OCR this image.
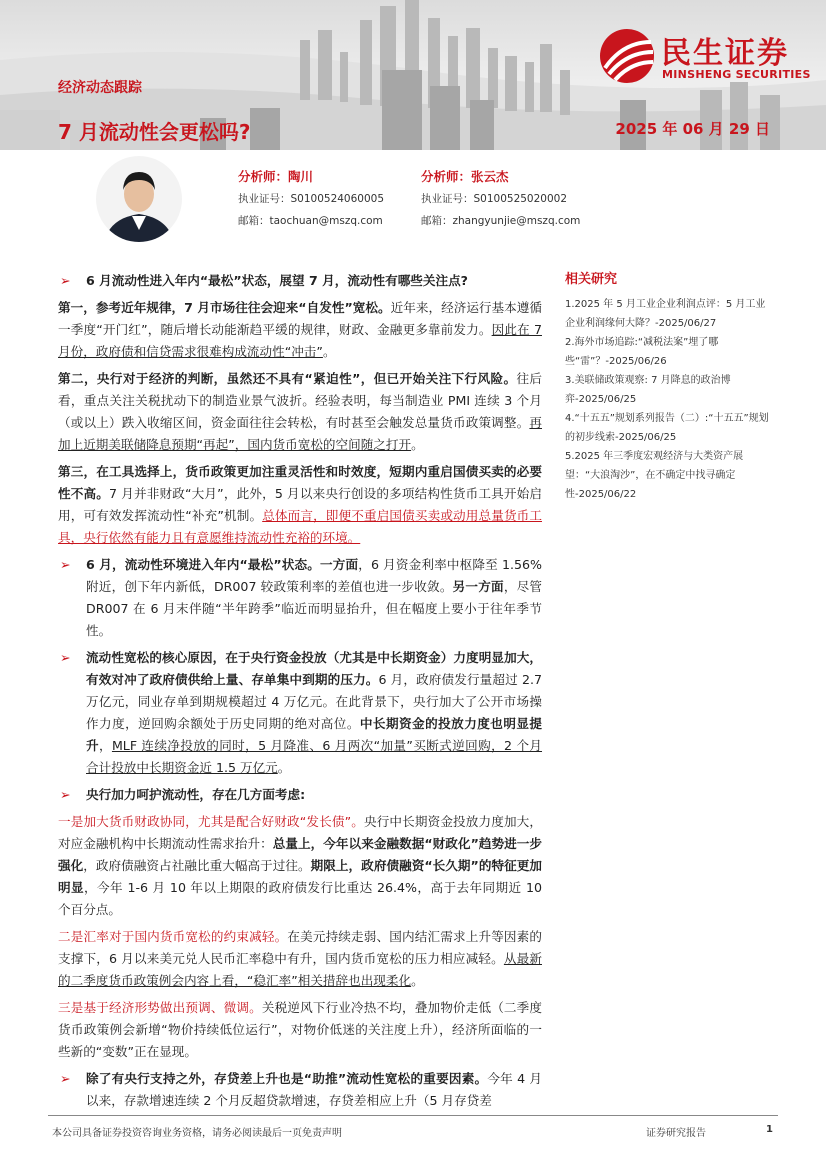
民生证券
MINSHENG SECURITIES
经济动态跟踪
7 月流动性会更松吗?	2025 年 06 月 29 日
分析师：陶川
执业证号：S0100524060005
邮箱：taochuan@mszq.com
分析师：张云杰
执业证号：S0100525020002
邮箱：zhangyunjie@mszq.com
➢ 6 月流动性进入年内“最松”状态，展望 7 月，流动性有哪些关注点?

第一，参考近年规律，7 月市场往往会迎来“自发性”宽松。近年来，经济运行基本遵循一季度“开门红”，随后增长动能渐趋平缓的规律，财政、金融更多靠前发力。因此在 7 月份，政府债和信贷需求很难构成流动性“冲击”。

第二，央行对于经济的判断，虽然还不具有“紧迫性”，但已开始关注下行风险。往后看，重点关注关税扰动下的制造业景气波折。经验表明，每当制造业 PMI 连续 3 个月（或以上）跌入收缩区间，资金面往往会转松，有时甚至会触发总量货币政策调整。再加上近期美联储降息预期“再起”，国内货币宽松的空间随之打开。

第三，在工具选择上，货币政策更加注重灵活性和时效度，短期内重启国债买卖的必要性不高。7 月并非财政“大月”，此外，5 月以来央行创设的多项结构性货币工具开始启用，可有效发挥流动性“补充”机制。总体而言，即便不重启国债买卖或动用总量货币工具，央行依然有能力且有意愿维持流动性充裕的环境。

➢ 6 月，流动性环境进入年内“最松”状态。一方面，6 月资金利率中枢降至 1.56%附近，创下年内新低，DR007 较政策利率的差值也进一步收敛。另一方面，尽管 DR007 在 6 月末伴随“半年跨季”临近而明显抬升，但在幅度上要小于往年季节性。
➢ 流动性宽松的核心原因，在于央行资金投放（尤其是中长期资金）力度明显加大，有效对冲了政府债供给上量、存单集中到期的压力。6 月，政府债发行量超过 2.7 万亿元，同业存单到期规模超过 4 万亿元。在此背景下，央行加大了公开市场操作力度，逆回购余额处于历史同期的绝对高位。中长期资金的投放力度也明显提升，MLF 连续净投放的同时，5 月降准、6 月两次“加量”买断式逆回购，2 个月合计投放中长期资金近 1.5 万亿元。
➢ 央行加力呵护流动性，存在几方面考虑:

一是加大货币财政协同，尤其是配合好财政“发长债”。央行中长期资金投放力度加大，对应金融机构中长期流动性需求抬升：总量上，今年以来金融数据“财政化”趋势进一步强化，政府债融资占社融比重大幅高于过往。期限上，政府债融资“长久期”的特征更加明显，今年 1-6 月 10 年以上期限的政府债发行比重达 26.4%，高于去年同期近 10 个百分点。

二是汇率对于国内货币宽松的约束减轻。在美元持续走弱、国内结汇需求上升等因素的支撑下，6 月以来美元兑人民币汇率稳中有升，国内货币宽松的压力相应减轻。从最新的二季度货币政策例会内容上看，“稳汇率”相关措辞也出现柔化。

三是基于经济形势做出预调、微调。关税逆风下行业冷热不均，叠加物价走低（二季度货币政策例会新增“物价持续低位运行”，对物价低迷的关注度上升），经济所面临的一些新的“变数”正在显现。

➢ 除了有央行支持之外，存贷差上升也是“助推”流动性宽松的重要因素。今年 4 月以来，存款增速连续 2 个月反超贷款增速，存贷差相应上升（5 月存贷差
相关研究
1.2025 年 5 月工业企业利润点评：5 月工业企业利润缘何大降？-2025/06/27
2.海外市场追踪:“减税法案”埋了哪些“雷”？-2025/06/26
3.美联储政策观察: 7 月降息的政治博弈-2025/06/25
4.“十五五”规划系列报告（二）:“十五五”规划的初步线索-2025/06/25
5.2025 年三季度宏观经济与大类资产展望：“大浪淘沙”，在不确定中找寻确定性-2025/06/22
本公司具备证券投资咨询业务资格，请务必阅读最后一页免责声明	证券研究报告	1
